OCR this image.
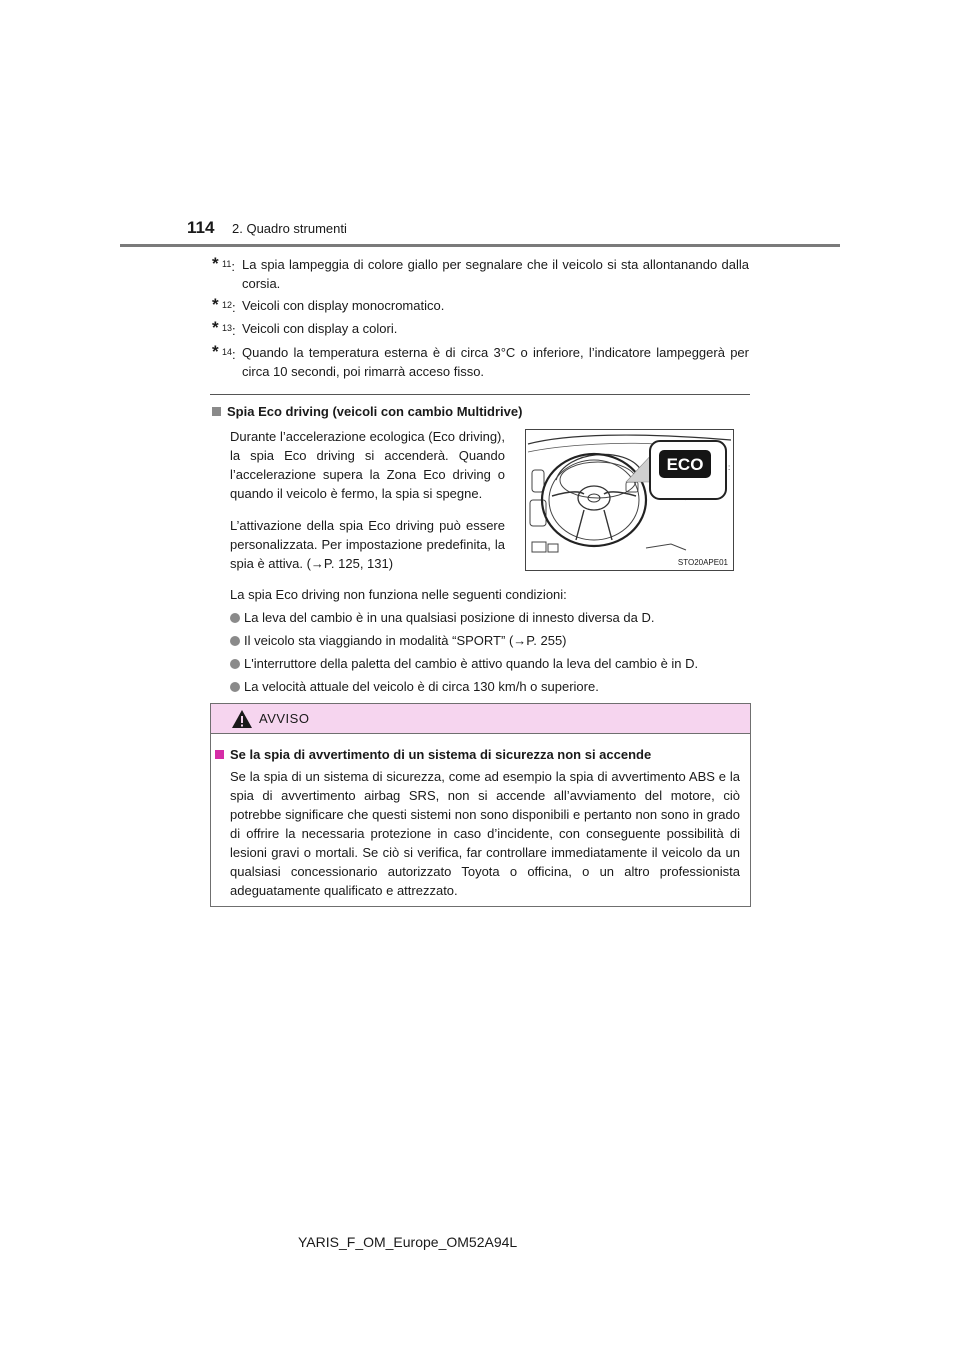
114 2. Quadro strumenti
* $^{11}$: La spia lampeggia di colore giallo per segnalare che il veicolo si sta allontanando dalla corsia.
* $^{12}$: Veicoli con display monocromatico.
* $^{13}$: Veicoli con display a colori.
* $^{14}$: Quando la temperatura esterna è di circa 3°C o inferiore, l’indicatore lampeggerà per circa 10 secondi, poi rimarrà acceso fisso.
Spia Eco driving (veicoli con cambio Multidrive)
Durante l’accelerazione ecologica (Eco driving), la spia Eco driving si accenderà. Quando l’accelerazione supera la Zona Eco driving o quando il veicolo è fermo, la spia si spegne.
L’attivazione della spia Eco driving può essere personalizzata. Per impostazione predefinita, la spia è attiva. (→P. 125, 131)
ECO	:
STO20APE01
La spia Eco driving non funziona nelle seguenti condizioni:
La leva del cambio è in una qualsiasi posizione di innesto diversa da D.
Il veicolo sta viaggiando in modalità “SPORT” (→P. 255)
L'interruttore della paletta del cambio è attivo quando la leva del cambio è in D.
La velocità attuale del veicolo è di circa 130 km/h o superiore.
AVVISO
Se la spia di avvertimento di un sistema di sicurezza non si accende
Se la spia di un sistema di sicurezza, come ad esempio la spia di avvertimento ABS e la spia di avvertimento airbag SRS, non si accende all’avviamento del motore, ciò potrebbe significare che questi sistemi non sono disponibili e pertanto non sono in grado di offrire la necessaria protezione in caso d’incidente, con conseguente possibilità di lesioni gravi o mortali. Se ciò si verifica, far controllare immediatamente il veicolo da un qualsiasi concessionario autorizzato Toyota o officina, o un altro professionista adeguatamente qualificato e attrezzato.
YARIS_F_OM_Europe_OM52A94L
